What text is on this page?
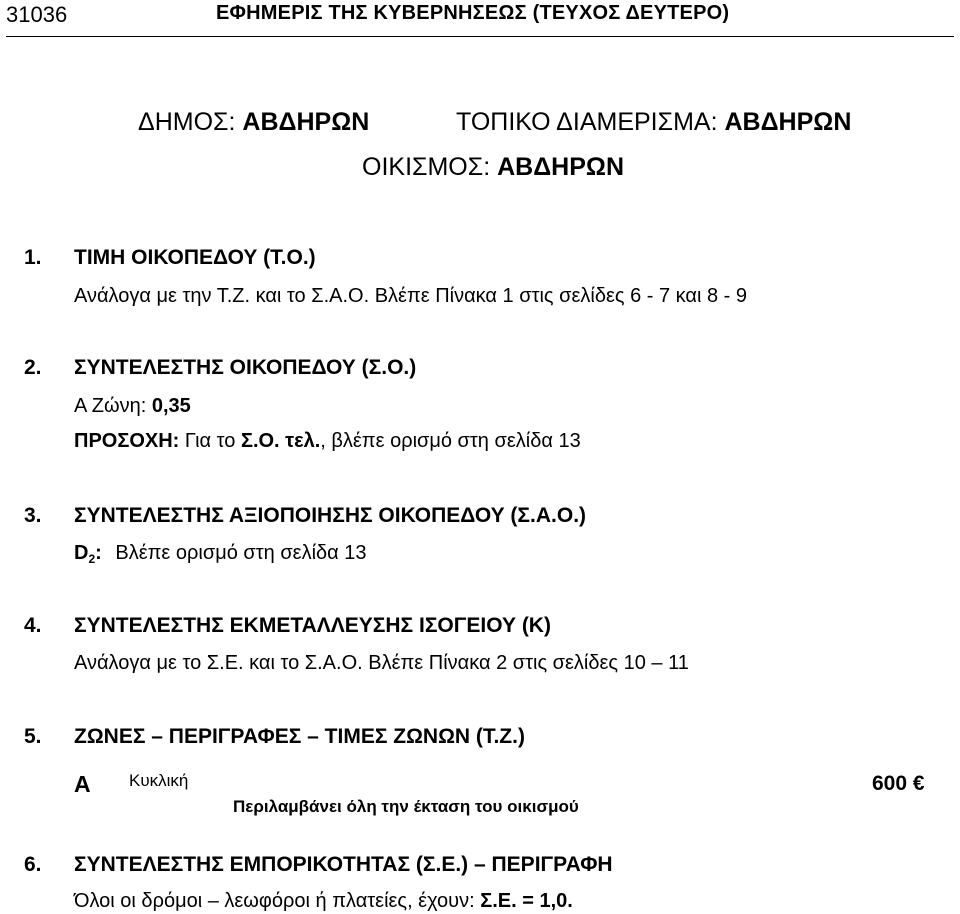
31036	ΕΦΗΜΕΡΙΣ ΤΗΣ ΚΥΒΕΡΝΗΣΕΩΣ (ΤΕΥΧΟΣ ΔΕΥΤΕΡΟ)
ΔΗΜΟΣ: ΑΒΔΗΡΩΝ	ΤΟΠΙΚΟ ΔΙΑΜΕΡΙΣΜΑ: ΑΒΔΗΡΩΝ
ΟΙΚΙΣΜΟΣ: ΑΒΔΗΡΩΝ
1. ΤΙΜΗ ΟΙΚΟΠΕΔΟΥ (Τ.Ο.)
Ανάλογα με την Τ.Ζ. και το Σ.Α.Ο. Βλέπε Πίνακα 1 στις σελίδες 6 - 7 και 8 - 9
2. ΣΥΝΤΕΛΕΣΤΗΣ ΟΙΚΟΠΕΔΟΥ (Σ.Ο.)
Α Ζώνη: 0,35
ΠΡΟΣΟΧΗ: Για το Σ.Ο. τελ., βλέπε ορισμό στη σελίδα 13
3. ΣΥΝΤΕΛΕΣΤΗΣ ΑΞΙΟΠΟΙΗΣΗΣ ΟΙΚΟΠΕΔΟΥ (Σ.Α.Ο.)
$D_2$: Βλέπε ορισμό στη σελίδα 13
4. ΣΥΝΤΕΛΕΣΤΗΣ ΕΚΜΕΤΑΛΛΕΥΣΗΣ ΙΣΟΓΕΙΟΥ (Κ)
Ανάλογα με το Σ.Ε. και το Σ.Α.Ο. Βλέπε Πίνακα 2 στις σελίδες 10 – 11
5. ΖΩΝΕΣ – ΠΕΡΙΓΡΑΦΕΣ – ΤΙΜΕΣ ΖΩΝΩΝ (Τ.Ζ.)
Α Κυκλική	600 €
Περιλαμβάνει όλη την έκταση του οικισμού
6. ΣΥΝΤΕΛΕΣΤΗΣ ΕΜΠΟΡΙΚΟΤΗΤΑΣ (Σ.Ε.) – ΠΕΡΙΓΡΑΦΗ
Όλοι οι δρόμοι – λεωφόροι ή πλατείες, έχουν: Σ.Ε. = 1,0.
